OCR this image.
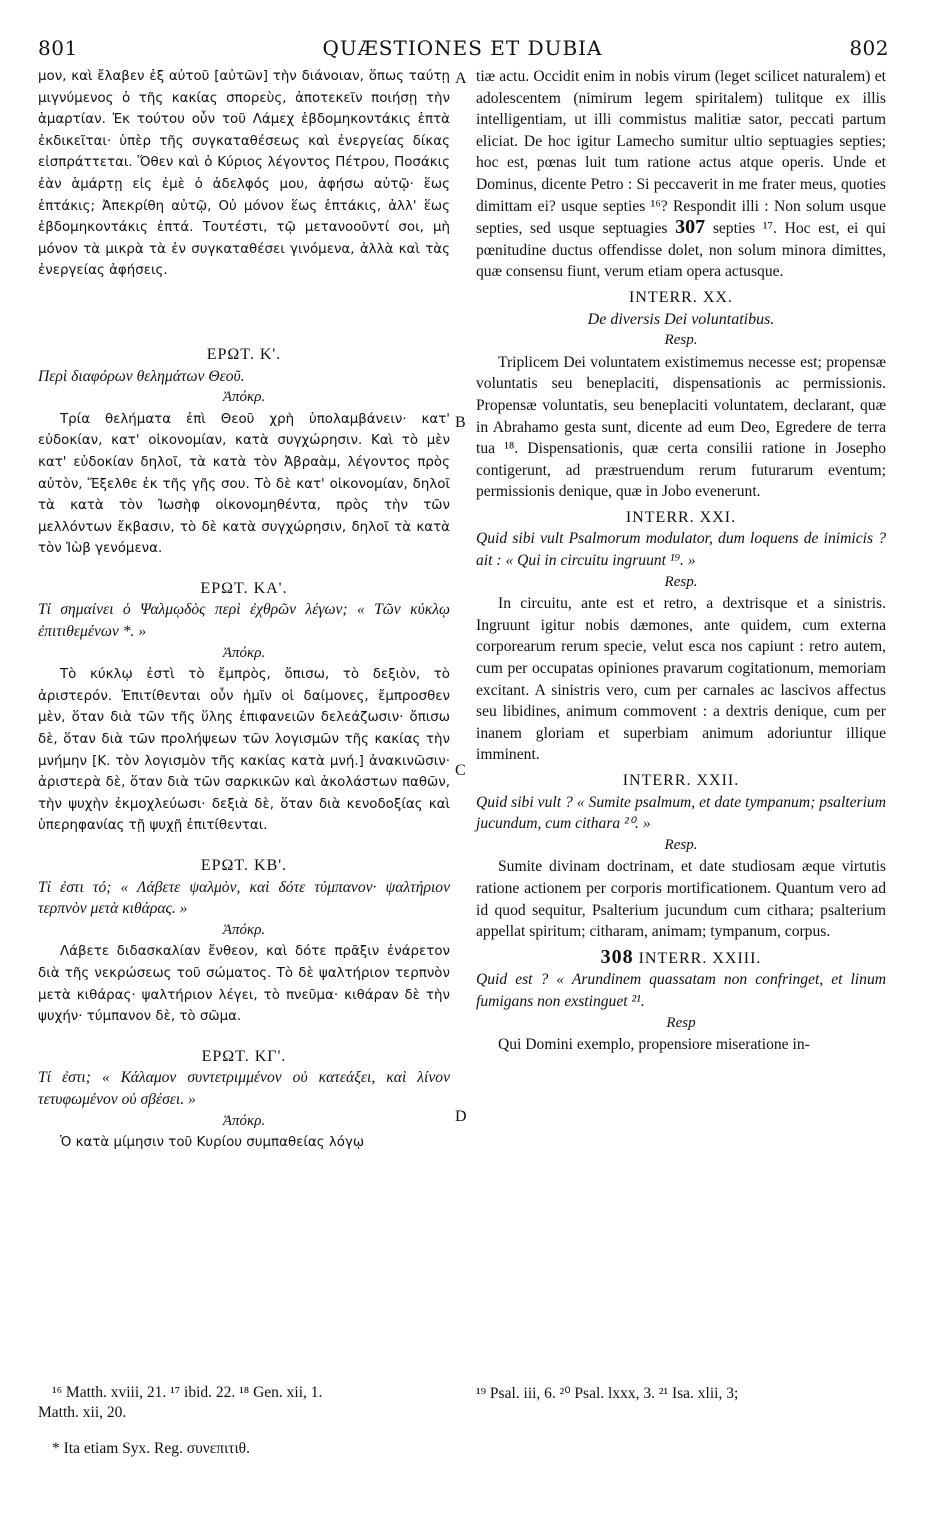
801	QUÆSTIONES ET DUBIA	802
A
B
C
D

μον, καὶ ἔλαβεν ἐξ αὐτοῦ [αὐτῶν] τὴν διάνοιαν, ὅπως ταύτῃ μιγνύμενος ὁ τῆς κακίας σπορεὺς, ἀποτεκεῖν ποιήσῃ τὴν ἁμαρτίαν. Ἐκ τούτου οὖν τοῦ Λάμεχ ἑβδομηκοντάκις ἑπτὰ ἐκδικεῖται· ὑπὲρ τῆς συγκαταθέσεως καὶ ἐνεργείας δίκας εἰσπράττεται. Ὅθεν καὶ ὁ Κύριος λέγοντος Πέτρου, Ποσάκις ἐὰν ἁμάρτῃ εἰς ἐμὲ ὁ ἀδελφός μου, ἀφήσω αὐτῷ· ἕως ἑπτάκις; Ἀπεκρίθη αὐτῷ, Οὐ μόνον ἕως ἑπτάκις, ἀλλ' ἕως ἑβδομηκοντάκις ἑπτά. Τουτέστι, τῷ μετανοοῦντί σοι, μὴ μόνον τὰ μικρὰ τὰ ἐν συγκαταθέσει γινόμενα, ἀλλὰ καὶ τὰς ἐνεργείας ἀφήσεις.

ΕΡΩΤ. Κ'.
Περὶ διαφόρων θελημάτων Θεοῦ.
Ἀπόκρ.

Τρία θελήματα ἐπὶ Θεοῦ χρὴ ὑπολαμβάνειν· κατ' εὐδοκίαν, κατ' οἰκονομίαν, κατὰ συγχώρησιν. Καὶ τὸ μὲν κατ' εὐδοκίαν δηλοῖ, τὰ κατὰ τὸν Ἀβραὰμ, λέγοντος πρὸς αὐτὸν, Ἔξελθε ἐκ τῆς γῆς σου. Τὸ δὲ κατ' οἰκονομίαν, δηλοῖ τὰ κατὰ τὸν Ἰωσὴφ οἰκονομηθέντα, πρὸς τὴν τῶν μελλόντων ἔκβασιν, τὸ δὲ κατὰ συγχώρησιν, δηλοῖ τὰ κατὰ τὸν Ἰὼβ γενόμενα.

ΕΡΩΤ. ΚΑ'.
Τί σημαίνει ὁ Ψαλμῳδὸς περὶ ἐχθρῶν λέγων; « Τῶν κύκλῳ ἐπιτιθεμένων *. »
Ἀπόκρ.

Τὸ κύκλῳ ἐστὶ τὸ ἔμπρὸς, ὄπισω, τὸ δεξιὸν, τὸ ἀριστερόν. Ἐπιτίθενται οὖν ἡμῖν οἱ δαίμονες, ἔμπροσθεν μὲν, ὅταν διὰ τῶν τῆς ὕλης ἐπιφανειῶν δελεάζωσιν· ὄπισω δὲ, ὅταν διὰ τῶν προλήψεων τῶν λογισμῶν τῆς κακίας τὴν μνήμην [Κ. τὸν λογισμὸν τῆς κακίας κατὰ μνή.] ἀνακινῶσιν· ἀριστερὰ δὲ, ὅταν διὰ τῶν σαρκικῶν καὶ ἀκολάστων παθῶν, τὴν ψυχὴν ἐκμοχλεύωσι· δεξιὰ δὲ, ὅταν διὰ κενοδοξίας καὶ ὑπερηφανίας τῇ ψυχῇ ἐπιτίθενται.

ΕΡΩΤ. ΚΒ'.
Τί ἐστι τό; « Λάβετε ψαλμὸν, καὶ δότε τύμπανον· ψαλτήριον τερπνὸν μετὰ κιθάρας. »
Ἀπόκρ.

Λάβετε διδασκαλίαν ἔνθεον, καὶ δότε πρᾶξιν ἐνάρετον διὰ τῆς νεκρώσεως τοῦ σώματος. Τὸ δὲ ψαλτήριον τερπνὸν μετὰ κιθάρας· ψαλτήριον λέγει, τὸ πνεῦμα· κιθάραν δὲ τὴν ψυχήν· τύμπανον δὲ, τὸ σῶμα.

ΕΡΩΤ. ΚΓ'.
Τί ἐστι; « Κάλαμον συντετριμμένον οὐ κατεάξει, καὶ λίνον τετυφωμένον οὐ σβέσει. »
Ἀπόκρ.

Ὁ κατὰ μίμησιν τοῦ Κυρίου συμπαθείας λόγῳ

tiæ actu. Occidit enim in nobis virum (leget scilicet naturalem) et adolescentem (nimirum legem spiritalem) tulitque ex illis intelligentiam, ut illi commistus malitiæ sator, peccati partum eliciat. De hoc igitur Lamecho sumitur ultio septuagies septies; hoc est, pœnas luit tum ratione actus atque operis. Unde et Dominus, dicente Petro : Si peccaverit in me frater meus, quoties dimittam ei? usque septies ¹⁶? Respondit illi : Non solum usque septies, sed usque septuagies 307 septies ¹⁷. Hoc est, ei qui pœnitudine ductus offendisse dolet, non solum minora dimittes, quæ consensu fiunt, verum etiam opera actusque.

INTERR. XX.
De diversis Dei voluntatibus.
Resp.

Triplicem Dei voluntatem existimemus necesse est; propensæ voluntatis seu beneplaciti, dispensationis ac permissionis. Propensæ voluntatis, seu beneplaciti voluntatem, declarant, quæ in Abrahamo gesta sunt, dicente ad eum Deo, Egredere de terra tua ¹⁸. Dispensationis, quæ certa consilii ratione in Josepho contigerunt, ad præstruendum rerum futurarum eventum; permissionis denique, quæ in Jobo evenerunt.

INTERR. XXI.
Quid sibi vult Psalmorum modulator, dum loquens de inimicis ? ait : « Qui in circuitu ingruunt ¹⁹. »
Resp.

In circuitu, ante est et retro, a dextrisque et a sinistris. Ingruunt igitur nobis dæmones, ante quidem, cum externa corporearum rerum specie, velut esca nos capiunt : retro autem, cum per occupatas opiniones pravarum cogitationum, memoriam excitant. A sinistris vero, cum per carnales ac lascivos affectus seu libidines, animum commovent : a dextris denique, cum per inanem gloriam et superbiam animum adoriuntur illique imminent.

INTERR. XXII.
Quid sibi vult ? « Sumite psalmum, et date tympanum; psalterium jucundum, cum cithara ²⁰. »
Resp.

Sumite divinam doctrinam, et date studiosam æque virtutis ratione actionem per corporis mortificationem. Quantum vero ad id quod sequitur, Psalterium jucundum cum cithara; psalterium appellat spiritum; citharam, animam; tympanum, corpus.

308 INTERR. XXIII.
Quid est ? « Arundinem quassatam non confringet, et linum fumigans non exstinguet ²¹.
Resp

Qui Domini exemplo, propensiore miseratione in-

¹⁶ Matth. xviii, 21. ¹⁷ ibid. 22. ¹⁸ Gen. xii, 1.
Matth. xii, 20.
¹⁹ Psal. iii, 6. ²⁰ Psal. lxxx, 3. ²¹ Isa. xlii, 3;
* Ita etiam Syx. Reg. συνεπιτιθ.
